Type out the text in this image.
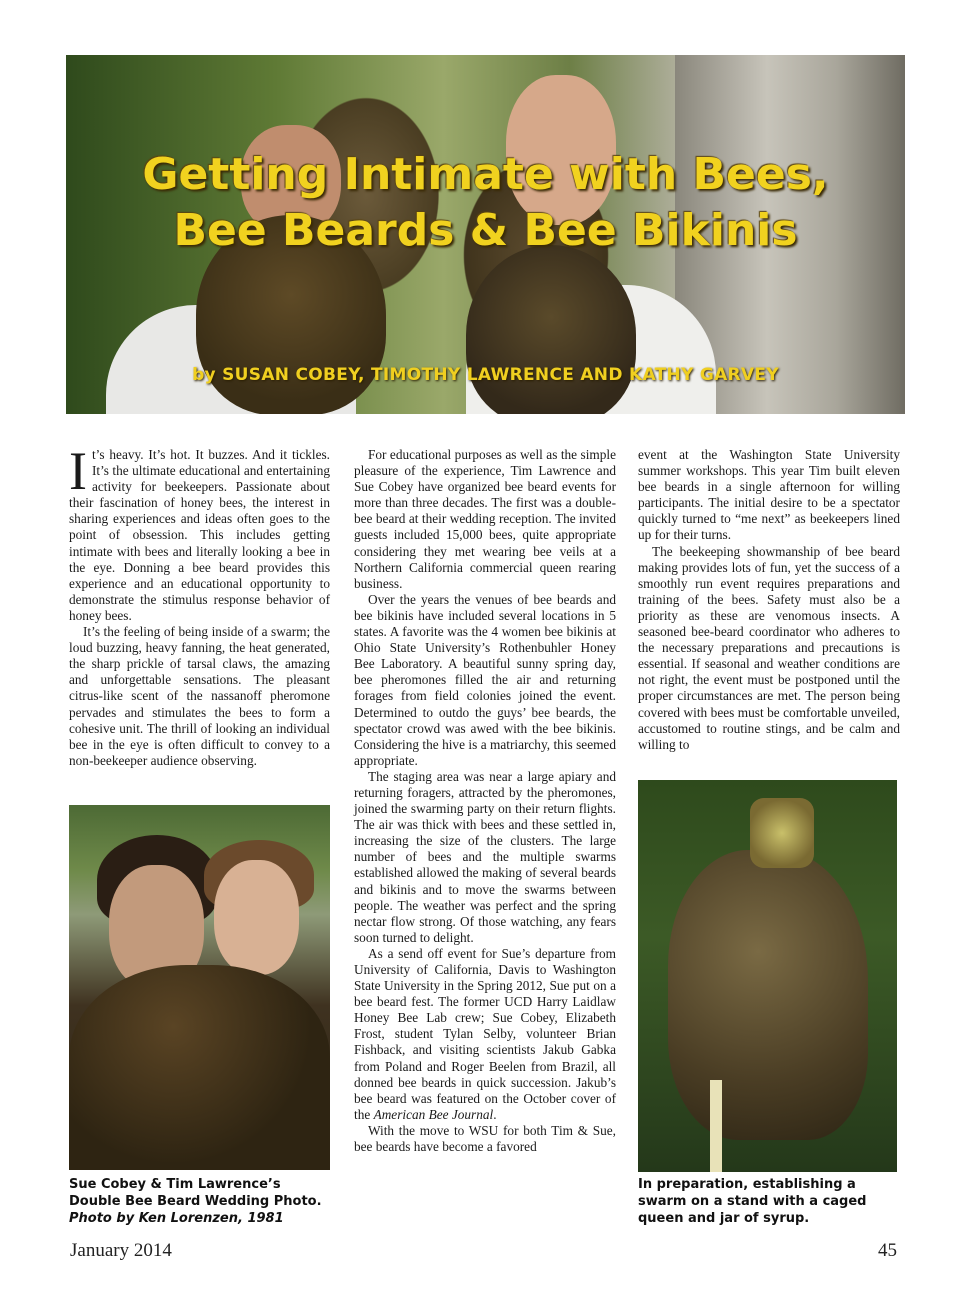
Getting Intimate with Bees,
Bee Beards & Bee Bikinis
by SUSAN COBEY, TIMOTHY LAWRENCE AND KATHY GARVEY

It’s heavy. It’s hot. It buzzes. And it tickles. It’s the ultimate educational and entertaining activity for beekeepers. Passionate about their fascination of honey bees, the interest in sharing experiences and ideas often goes to the point of obsession. This includes getting intimate with bees and literally looking a bee in the eye. Donning a bee beard provides this experience and an educational opportunity to demonstrate the stimulus response behavior of honey bees.

It’s the feeling of being inside of a swarm; the loud buzzing, heavy fanning, the heat generated, the sharp prickle of tarsal claws, the amazing and unforgettable sensations. The pleasant citrus-like scent of the nassanoff pheromone pervades and stimulates the bees to form a cohesive unit. The thrill of looking an individual bee in the eye is often difficult to convey to a non-beekeeper audience observing.

Sue Cobey & Tim Lawrence’s Double Bee Beard Wedding Photo. Photo by Ken Lorenzen, 1981

For educational purposes as well as the simple pleasure of the experience, Tim Lawrence and Sue Cobey have organized bee beard events for more than three decades. The first was a double-bee beard at their wedding reception. The invited guests included 15,000 bees, quite appropriate considering they met wearing bee veils at a Northern California commercial queen rearing business.

Over the years the venues of bee beards and bee bikinis have included several locations in 5 states. A favorite was the 4 women bee bikinis at Ohio State University’s Rothenbuhler Honey Bee Laboratory. A beautiful sunny spring day, bee pheromones filled the air and returning forages from field colonies joined the event. Determined to outdo the guys’ bee beards, the spectator crowd was awed with the bee bikinis. Considering the hive is a matriarchy, this seemed appropriate.

The staging area was near a large apiary and returning foragers, attracted by the pheromones, joined the swarming party on their return flights. The air was thick with bees and these settled in, increasing the size of the clusters. The large number of bees and the multiple swarms established allowed the making of several beards and bikinis and to move the swarms between people. The weather was perfect and the spring nectar flow strong. Of those watching, any fears soon turned to delight.

As a send off event for Sue’s departure from University of California, Davis to Washington State University in the Spring 2012, Sue put on a bee beard fest. The former UCD Harry Laidlaw Honey Bee Lab crew; Sue Cobey, Elizabeth Frost, student Tylan Selby, volunteer Brian Fishback, and visiting scientists Jakub Gabka from Poland and Roger Beelen from Brazil, all donned bee beards in quick succession. Jakub’s bee beard was featured on the October cover of the American Bee Journal.

With the move to WSU for both Tim & Sue, bee beards have become a favored

event at the Washington State University summer workshops. This year Tim built eleven bee beards in a single afternoon for willing participants. The initial desire to be a spectator quickly turned to “me next” as beekeepers lined up for their turns.

The beekeeping showmanship of bee beard making provides lots of fun, yet the success of a smoothly run event requires preparations and training of the bees. Safety must also be a priority as these are venomous insects. A seasoned bee-beard coordinator who adheres to the necessary preparations and precautions is essential. If seasonal and weather conditions are not right, the event must be postponed until the proper circumstances are met. The person being covered with bees must be comfortable unveiled, accustomed to routine stings, and be calm and willing to

In preparation, establishing a swarm on a stand with a caged queen and jar of syrup.
January 2014	45
